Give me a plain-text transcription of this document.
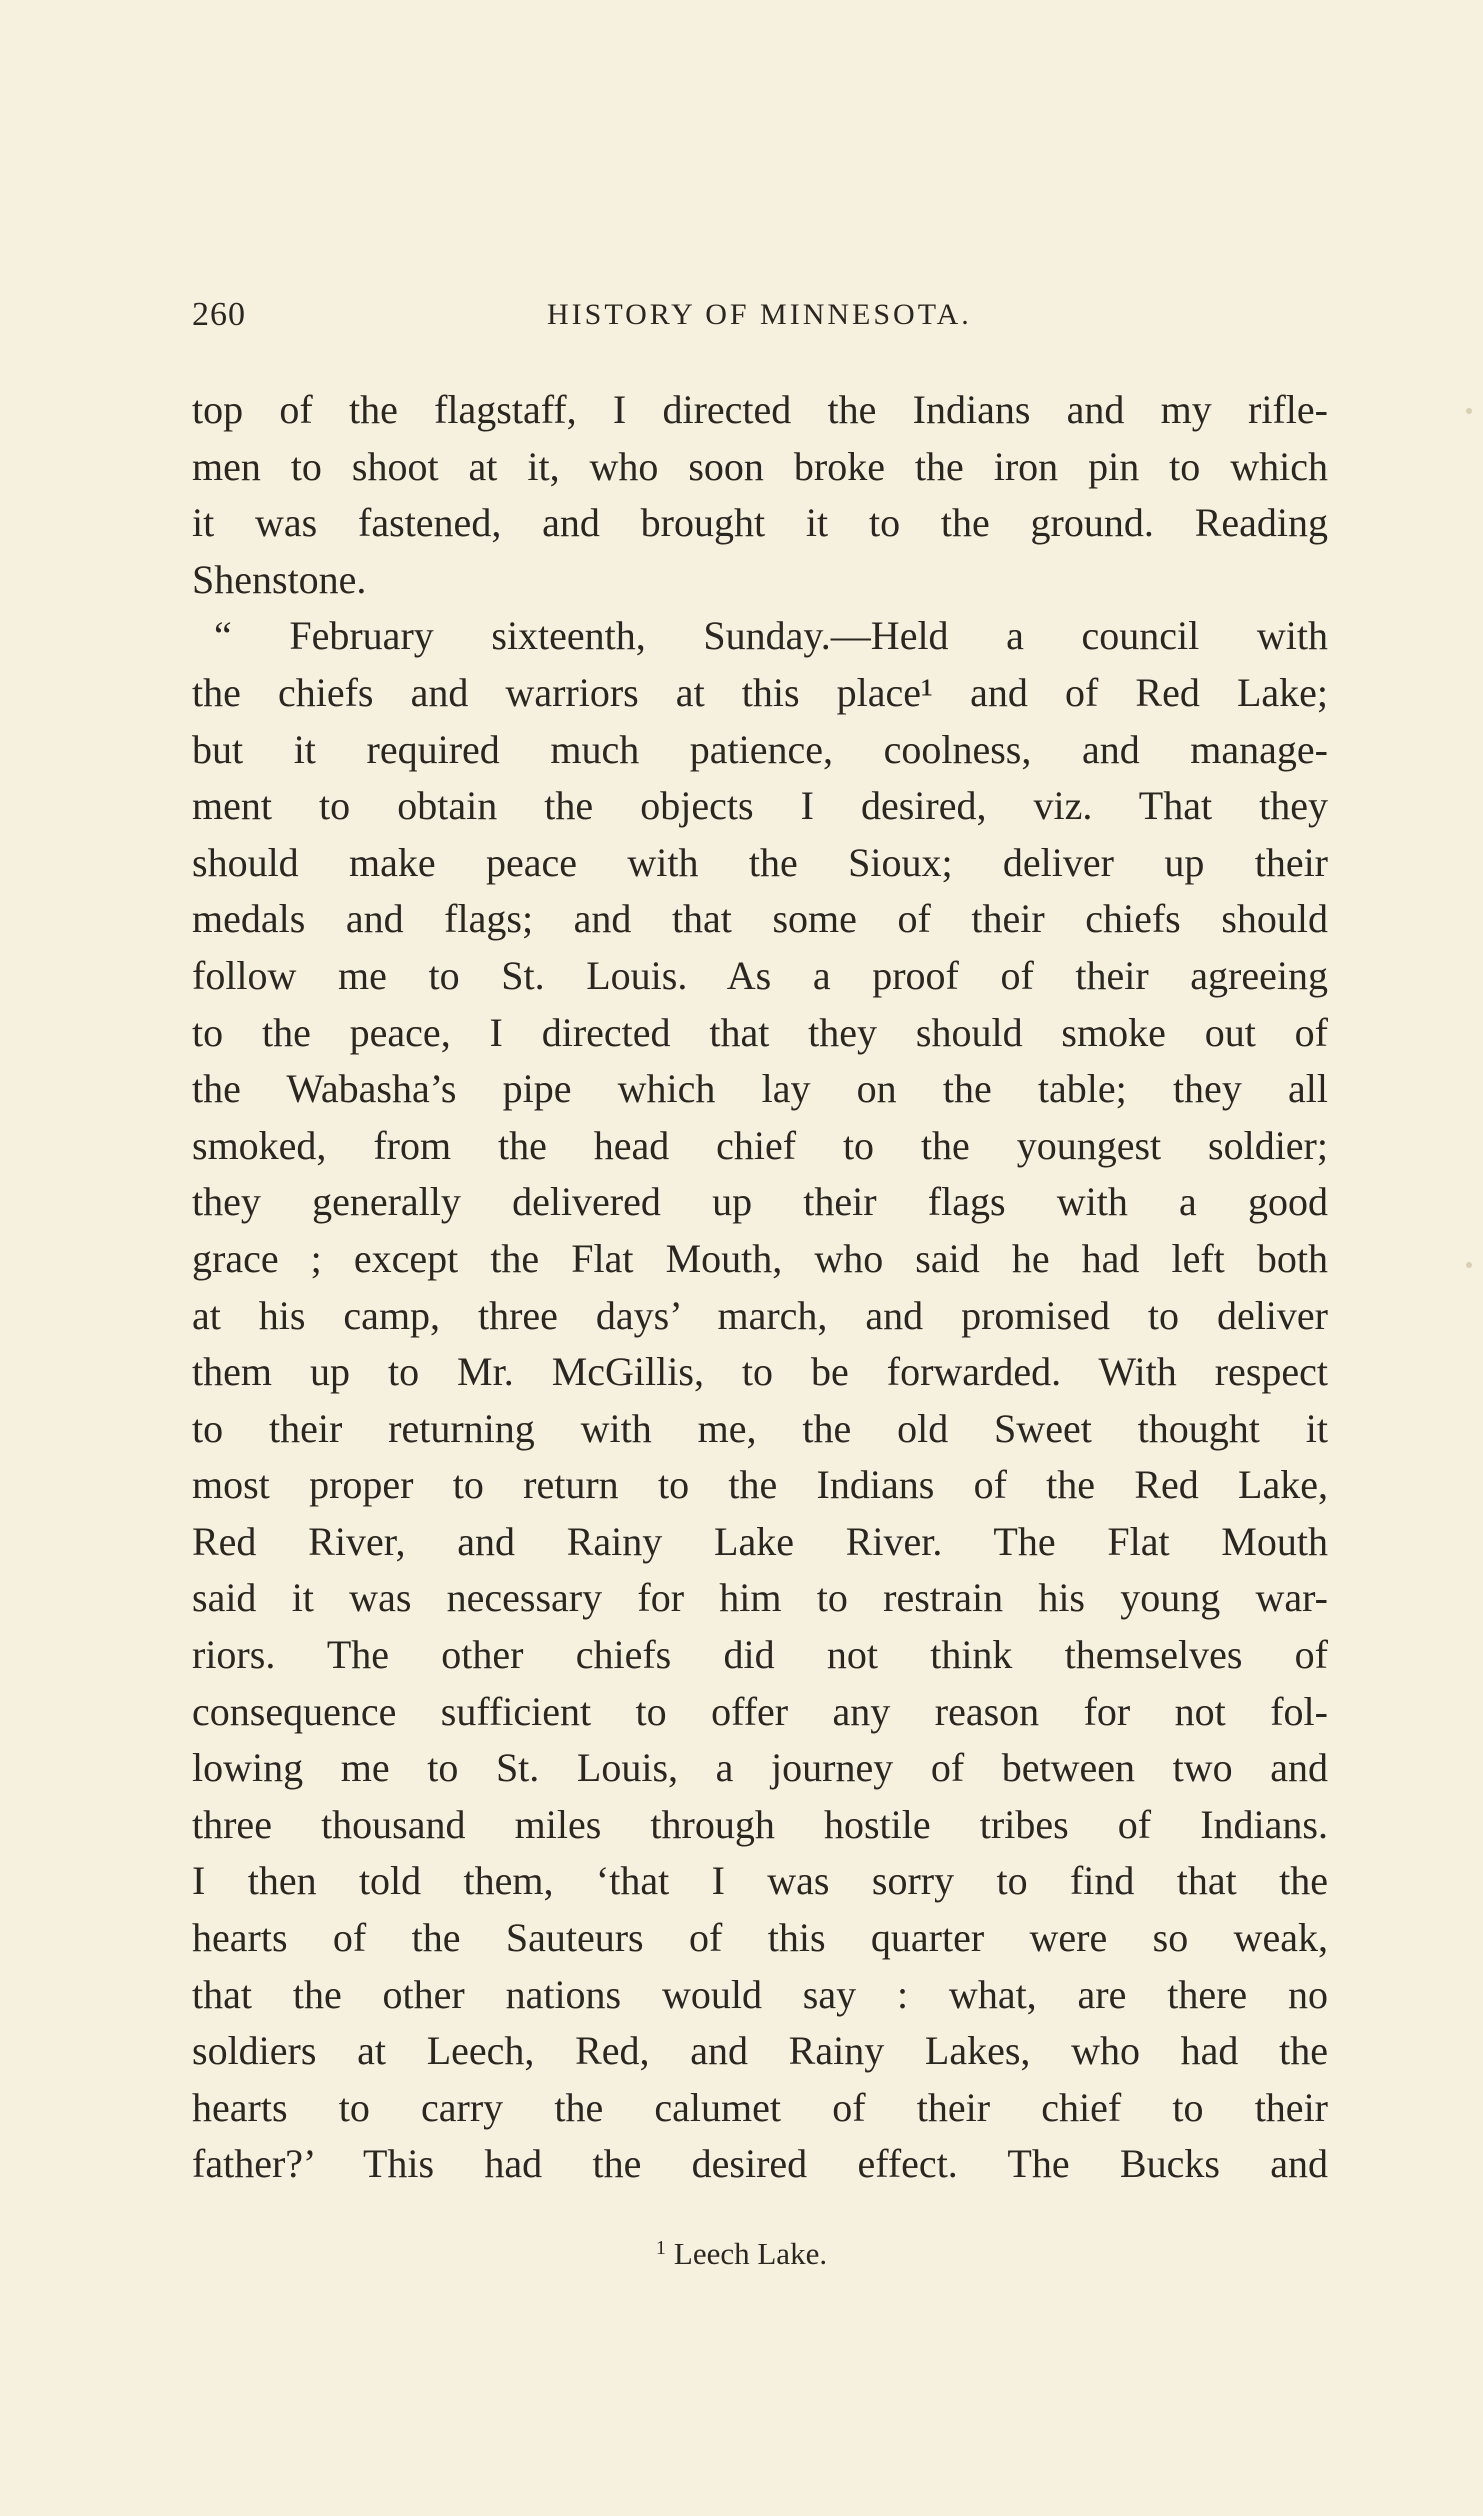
260	HISTORY OF MINNESOTA.
top of the flagstaff, I directed the Indians and my rifle-
men to shoot at it, who soon broke the iron pin to which
it was fastened, and brought it to the ground. Reading
Shenstone.
“ February sixteenth, Sunday.—Held a council with
the chiefs and warriors at this place¹ and of Red Lake;
but it required much patience, coolness, and manage-
ment to obtain the objects I desired, viz. That they
should make peace with the Sioux; deliver up their
medals and flags; and that some of their chiefs should
follow me to St. Louis. As a proof of their agreeing
to the peace, I directed that they should smoke out of
the Wabasha’s pipe which lay on the table; they all
smoked, from the head chief to the youngest soldier;
they generally delivered up their flags with a good
grace ; except the Flat Mouth, who said he had left both
at his camp, three days’ march, and promised to deliver
them up to Mr. McGillis, to be forwarded. With respect
to their returning with me, the old Sweet thought it
most proper to return to the Indians of the Red Lake,
Red River, and Rainy Lake River. The Flat Mouth
said it was necessary for him to restrain his young war-
riors. The other chiefs did not think themselves of
consequence sufficient to offer any reason for not fol-
lowing me to St. Louis, a journey of between two and
three thousand miles through hostile tribes of Indians.
I then told them, ‘that I was sorry to find that the
hearts of the Sauteurs of this quarter were so weak,
that the other nations would say : what, are there no
soldiers at Leech, Red, and Rainy Lakes, who had the
hearts to carry the calumet of their chief to their
father?’ This had the desired effect. The Bucks and
$^1$ Leech Lake.
